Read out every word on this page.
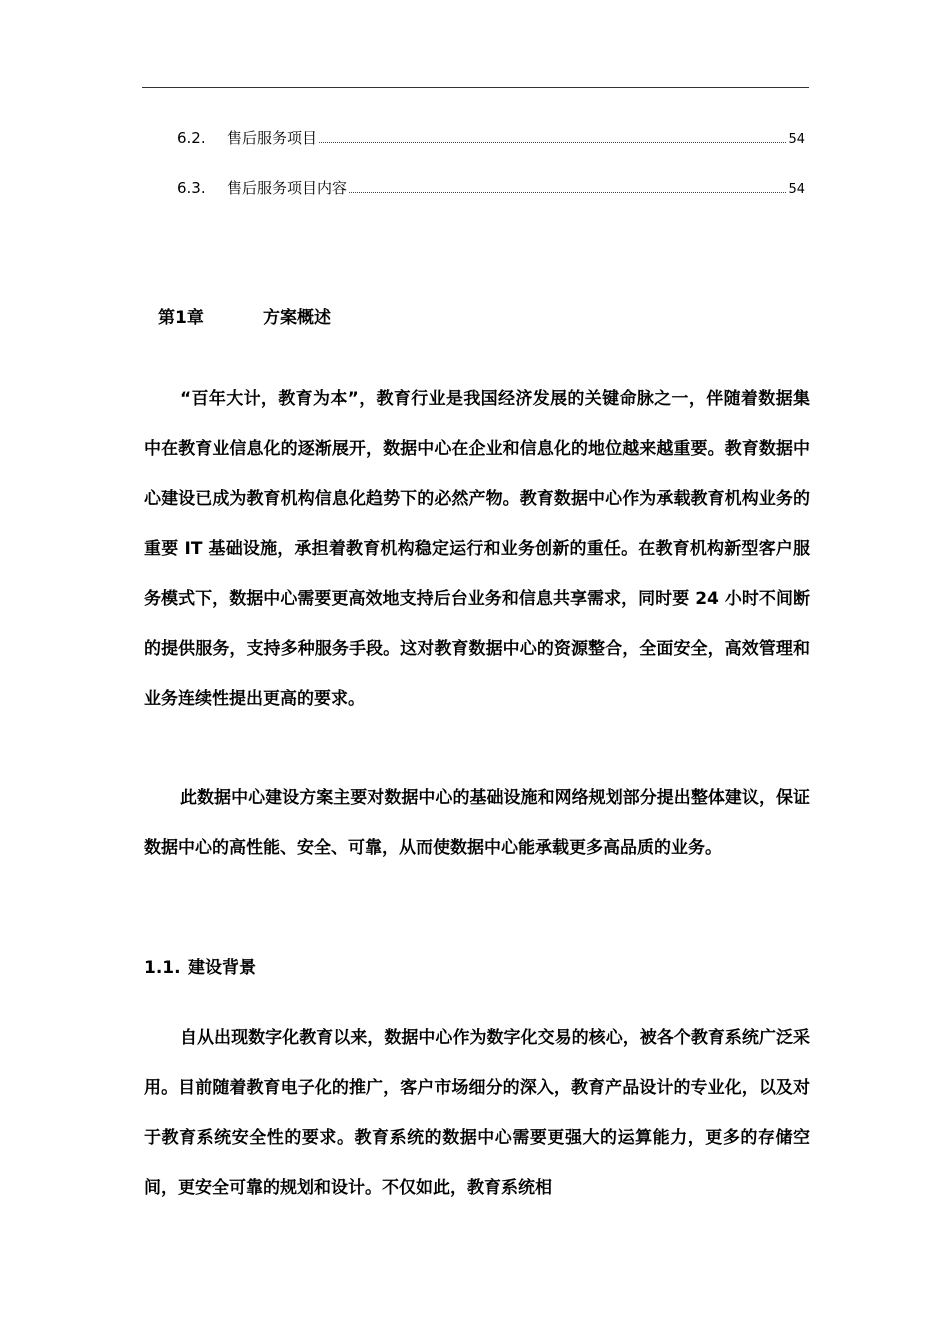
6.2.	售后服务项目	54
6.3.	售后服务项目内容	54
第1章	方案概述

“百年大计，教育为本”，教育行业是我国经济发展的关键命脉之一，伴随着数据集中在教育业信息化的逐渐展开，数据中心在企业和信息化的地位越来越重要。教育数据中心建设已成为教育机构信息化趋势下的必然产物。教育数据中心作为承载教育机构业务的重要 IT 基础设施，承担着教育机构稳定运行和业务创新的重任。在教育机构新型客户服务模式下，数据中心需要更高效地支持后台业务和信息共享需求，同时要 24 小时不间断的提供服务，支持多种服务手段。这对教育数据中心的资源整合，全面安全，高效管理和业务连续性提出更高的要求。

此数据中心建设方案主要对数据中心的基础设施和网络规划部分提出整体建议，保证数据中心的高性能、安全、可靠，从而使数据中心能承载更多高品质的业务。

1.1. 建设背景

自从出现数字化教育以来，数据中心作为数字化交易的核心，被各个教育系统广泛采用。目前随着教育电子化的推广，客户市场细分的深入，教育产品设计的专业化，以及对于教育系统安全性的要求。教育系统的数据中心需要更强大的运算能力，更多的存储空间，更安全可靠的规划和设计。不仅如此，教育系统相
